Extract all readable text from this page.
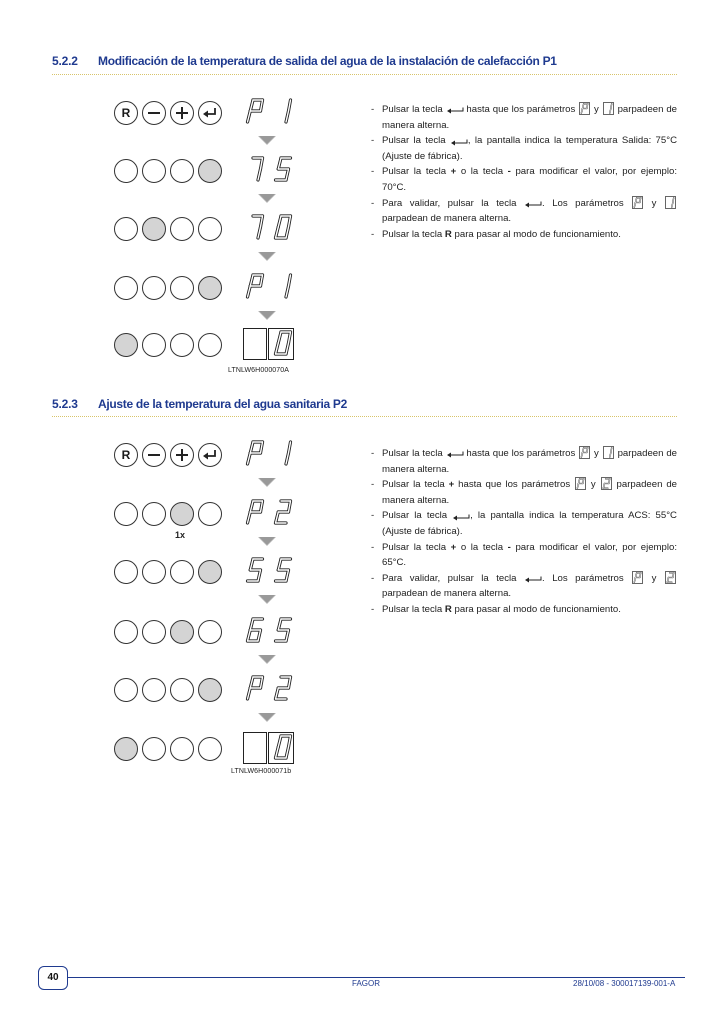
5.2.2 Modificación de la temperatura de salida del agua de la instalación de calefacción P1
R
LTNLW6H000070A
- Pulsar la tecla  hasta que los parámetros
y
parpadeen de manera alterna.
- Pulsar la tecla , la pantalla indica la temperatura Salida: 75°C (Ajuste de fábrica).
- Pulsar la tecla + o la tecla - para modificar el valor, por ejemplo: 70°C.
- Para validar, pulsar la tecla . Los parámetros
y
parpadean de manera alterna.
- Pulsar la tecla R para pasar al modo de funcionamiento.
5.2.3 Ajuste de la temperatura del agua sanitaria P2
R
1x
LTNLW6H000071b
- Pulsar la tecla  hasta que los parámetros
y
parpadeen de manera alterna.
- Pulsar la tecla + hasta que los parámetros
y
parpadeen de manera alterna.
- Pulsar la tecla , la pantalla indica la temperatura ACS: 55°C (Ajuste de fábrica).
- Pulsar la tecla + o la tecla - para modificar el valor, por ejemplo: 65°C.
- Para validar, pulsar la tecla . Los parámetros
y
parpadean de manera alterna.
- Pulsar la tecla R para pasar al modo de funcionamiento.
40
FAGOR	28/10/08 - 300017139-001-A
